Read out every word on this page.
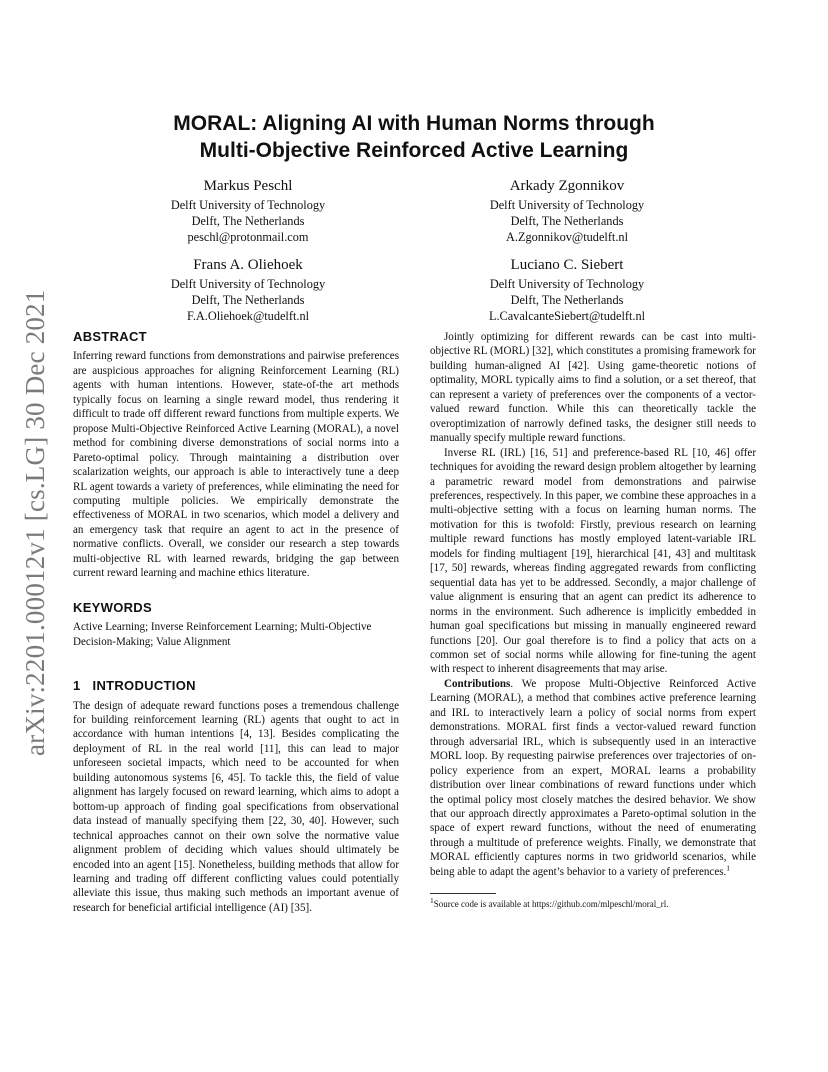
arXiv:2201.00012v1 [cs.LG] 30 Dec 2021
MORAL: Aligning AI with Human Norms through
Multi-Objective Reinforced Active Learning
Markus Peschl
Delft University of Technology
Delft, The Netherlands
peschl@protonmail.com
Arkady Zgonnikov
Delft University of Technology
Delft, The Netherlands
A.Zgonnikov@tudelft.nl
Frans A. Oliehoek
Delft University of Technology
Delft, The Netherlands
F.A.Oliehoek@tudelft.nl
Luciano C. Siebert
Delft University of Technology
Delft, The Netherlands
L.CavalcanteSiebert@tudelft.nl
ABSTRACT

Inferring reward functions from demonstrations and pairwise preferences are auspicious approaches for aligning Reinforcement Learning (RL) agents with human intentions. However, state-of-the art methods typically focus on learning a single reward model, thus rendering it difficult to trade off different reward functions from multiple experts. We propose Multi-Objective Reinforced Active Learning (MORAL), a novel method for combining diverse demonstrations of social norms into a Pareto-optimal policy. Through maintaining a distribution over scalarization weights, our approach is able to interactively tune a deep RL agent towards a variety of preferences, while eliminating the need for computing multiple policies. We empirically demonstrate the effectiveness of MORAL in two scenarios, which model a delivery and an emergency task that require an agent to act in the presence of normative conflicts. Overall, we consider our research a step towards multi-objective RL with learned rewards, bridging the gap between current reward learning and machine ethics literature.

KEYWORDS

Active Learning; Inverse Reinforcement Learning; Multi-Objective Decision-Making; Value Alignment

1 INTRODUCTION

The design of adequate reward functions poses a tremendous challenge for building reinforcement learning (RL) agents that ought to act in accordance with human intentions [4, 13]. Besides complicating the deployment of RL in the real world [11], this can lead to major unforeseen societal impacts, which need to be accounted for when building autonomous systems [6, 45]. To tackle this, the field of value alignment has largely focused on reward learning, which aims to adopt a bottom-up approach of finding goal specifications from observational data instead of manually specifying them [22, 30, 40]. However, such technical approaches cannot on their own solve the normative value alignment problem of deciding which values should ultimately be encoded into an agent [15]. Nonetheless, building methods that allow for learning and trading off different conflicting values could potentially alleviate this issue, thus making such methods an important avenue of research for beneficial artificial intelligence (AI) [35].

Jointly optimizing for different rewards can be cast into multi-objective RL (MORL) [32], which constitutes a promising framework for building human-aligned AI [42]. Using game-theoretic notions of optimality, MORL typically aims to find a solution, or a set thereof, that can represent a variety of preferences over the components of a vector-valued reward function. While this can theoretically tackle the overoptimization of narrowly defined tasks, the designer still needs to manually specify multiple reward functions.

Inverse RL (IRL) [16, 51] and preference-based RL [10, 46] offer techniques for avoiding the reward design problem altogether by learning a parametric reward model from demonstrations and pairwise preferences, respectively. In this paper, we combine these approaches in a multi-objective setting with a focus on learning human norms. The motivation for this is twofold: Firstly, previous research on learning multiple reward functions has mostly employed latent-variable IRL models for finding multiagent [19], hierarchical [41, 43] and multitask [17, 50] rewards, whereas finding aggregated rewards from conflicting sequential data has yet to be addressed. Secondly, a major challenge of value alignment is ensuring that an agent can predict its adherence to norms in the environment. Such adherence is implicitly embedded in human goal specifications but missing in manually engineered reward functions [20]. Our goal therefore is to find a policy that acts on a common set of social norms while allowing for fine-tuning the agent with respect to inherent disagreements that may arise.

Contributions. We propose Multi-Objective Reinforced Active Learning (MORAL), a method that combines active preference learning and IRL to interactively learn a policy of social norms from expert demonstrations. MORAL first finds a vector-valued reward function through adversarial IRL, which is subsequently used in an interactive MORL loop. By requesting pairwise preferences over trajectories of on-policy experience from an expert, MORAL learns a probability distribution over linear combinations of reward functions under which the optimal policy most closely matches the desired behavior. We show that our approach directly approximates a Pareto-optimal solution in the space of expert reward functions, without the need of enumerating through a multitude of preference weights. Finally, we demonstrate that MORAL efficiently captures norms in two gridworld scenarios, while being able to adapt the agent’s behavior to a variety of preferences.$^1$

$^1$Source code is available at https://github.com/mlpeschl/moral_rl.
